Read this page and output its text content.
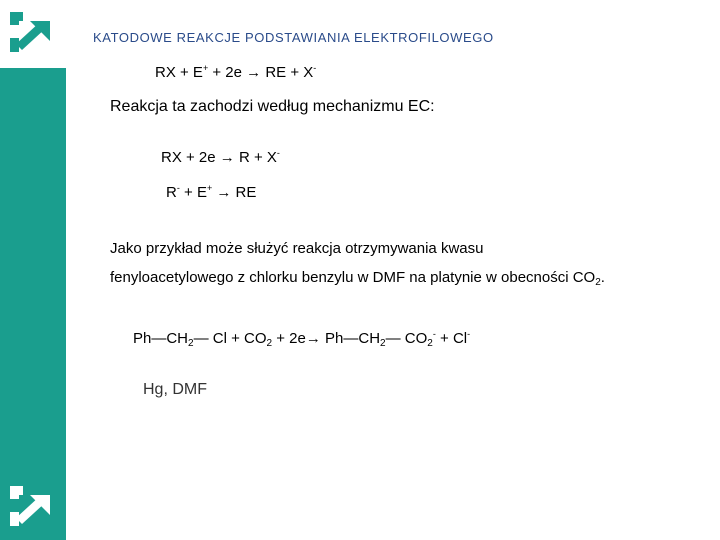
KATODOWE REAKCJE PODSTAWIANIA ELEKTROFILOWEGO
RX + E+ + 2e → RE + X-
Reakcja ta zachodzi według mechanizmu EC:
RX + 2e → R + X-
R- + E+ → RE
Jako przykład może służyć reakcja otrzymywania kwasu
fenyloacetylowego z chlorku benzylu w DMF na platynie w obecności $CO_2$.
$Ph—CH_2—$ $Cl + CO_2 + 2e\to$ $Ph—CH_2—$ $CO_2^- + Cl^-$
Hg, DMF
